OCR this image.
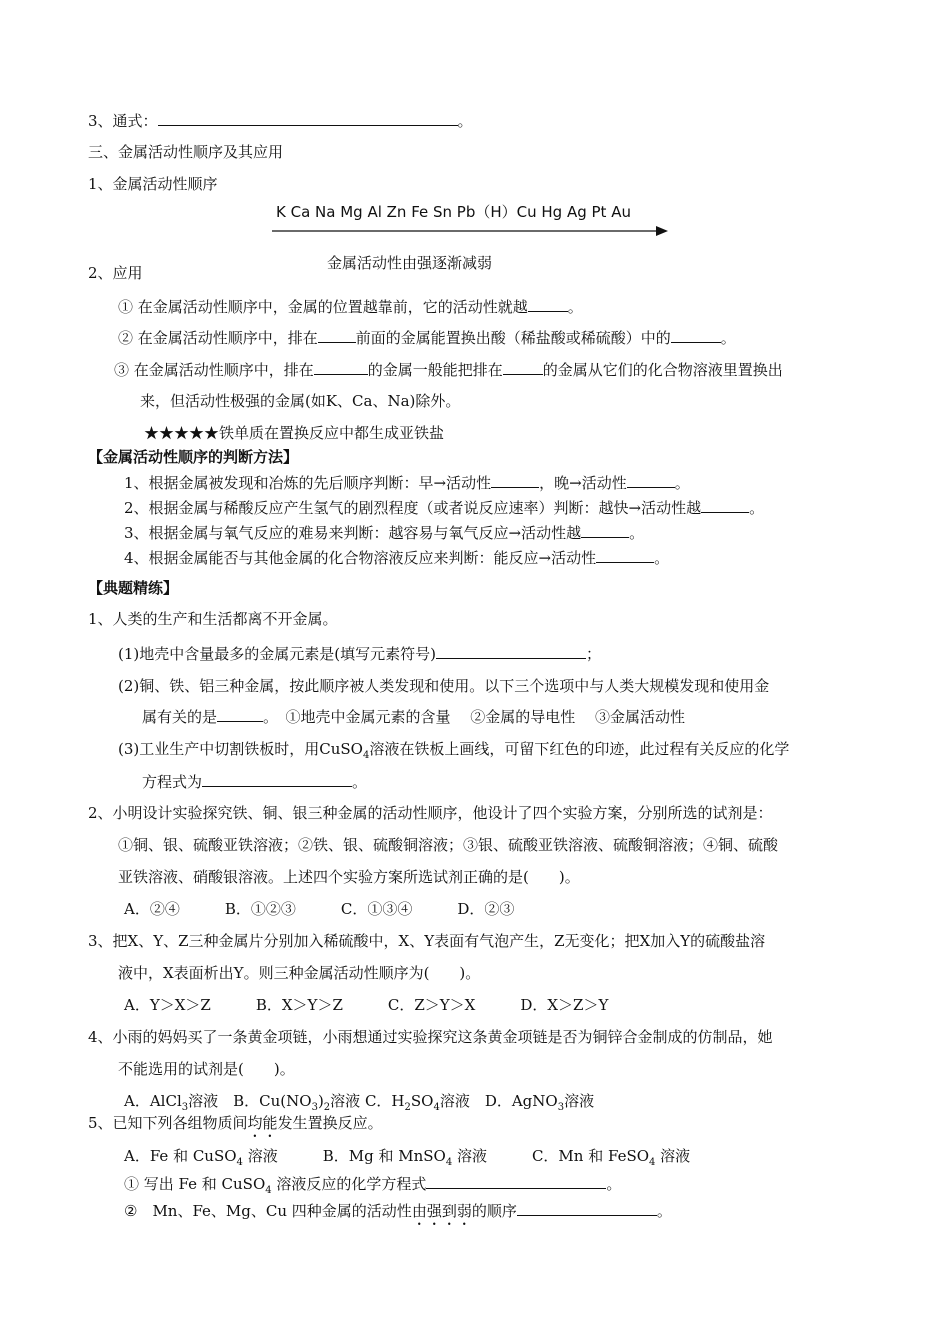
3、通式：	。
三、金属活动性顺序及其应用
1、金属活动性顺序
K Ca Na Mg Al Zn Fe Sn Pb（H）Cu Hg Ag Pt Au
金属活动性由强逐渐减弱
2、应用
① 在金属活动性顺序中，金属的位置越靠前，它的活动性就越	。
② 在金属活动性顺序中，排在	前面的金属能置换出酸（稀盐酸或稀硫酸）中的	。
③ 在金属活动性顺序中，排在	的金属一般能把排在	的金属从它们的化合物溶液里置换出
来，但活动性极强的金属(如K、Ca、Na)除外。
★★★★★铁单质在置换反应中都生成亚铁盐
【金属活动性顺序的判断方法】
1、根据金属被发现和冶炼的先后顺序判断：早→活动性	，晚→活动性	。
2、根据金属与稀酸反应产生氢气的剧烈程度（或者说反应速率）判断：越快→活动性越	。
3、根据金属与氧气反应的难易来判断：越容易与氧气反应→活动性越	。
4、根据金属能否与其他金属的化合物溶液反应来判断：能反应→活动性	。
【典题精练】
1、人类的生产和生活都离不开金属。
(1)地壳中含量最多的金属元素是(填写元素符号)	；
(2)铜、铁、铝三种金属，按此顺序被人类发现和使用。以下三个选项中与人类大规模发现和使用金
属有关的是	。　①地壳中金属元素的含量　 ②金属的导电性　 ③金属活动性
(3)工业生产中切割铁板时，用CuSO$_4$溶液在铁板上画线，可留下红色的印迹，此过程有关反应的化学
方程式为	。
2、小明设计实验探究铁、铜、银三种金属的活动性顺序，他设计了四个实验方案，分别所选的试剂是：
①铜、银、硫酸亚铁溶液；②铁、银、硫酸铜溶液；③银、硫酸亚铁溶液、硫酸铜溶液；④铜、硫酸
亚铁溶液、硝酸银溶液。上述四个实验方案所选试剂正确的是(　　)。
A．②④　　　B．①②③　　　C．①③④　　　D．②③
3、把X、Y、Z三种金属片分别加入稀硫酸中，X、Y表面有气泡产生，Z无变化；把X加入Y的硫酸盐溶
液中，X表面析出Y。则三种金属活动性顺序为(　　)。
A．Y＞X＞Z　　　B．X＞Y＞Z　　　C．Z＞Y＞X　　　D．X＞Z＞Y
4、小雨的妈妈买了一条黄金项链，小雨想通过实验探究这条黄金项链是否为铜锌合金制成的仿制品，她
不能选用的试剂是(　　)。
A．AlCl$_3$溶液　B．$Cu(NO_3)_2$溶液 C．$H_2SO_4$溶液　D．AgNO$_3$溶液
5、已知下列各组物质间均能发生置换反应。
A．Fe 和 CuSO$_4$ 溶液　　　B．Mg 和 MnSO$_4$ 溶液　　　C．Mn 和 FeSO$_4$ 溶液
① 写出 Fe 和 CuSO$_4$ 溶液反应的化学方程式	。
②　Mn、Fe、Mg、Cu 四种金属的活动性由强到弱的顺序	。
